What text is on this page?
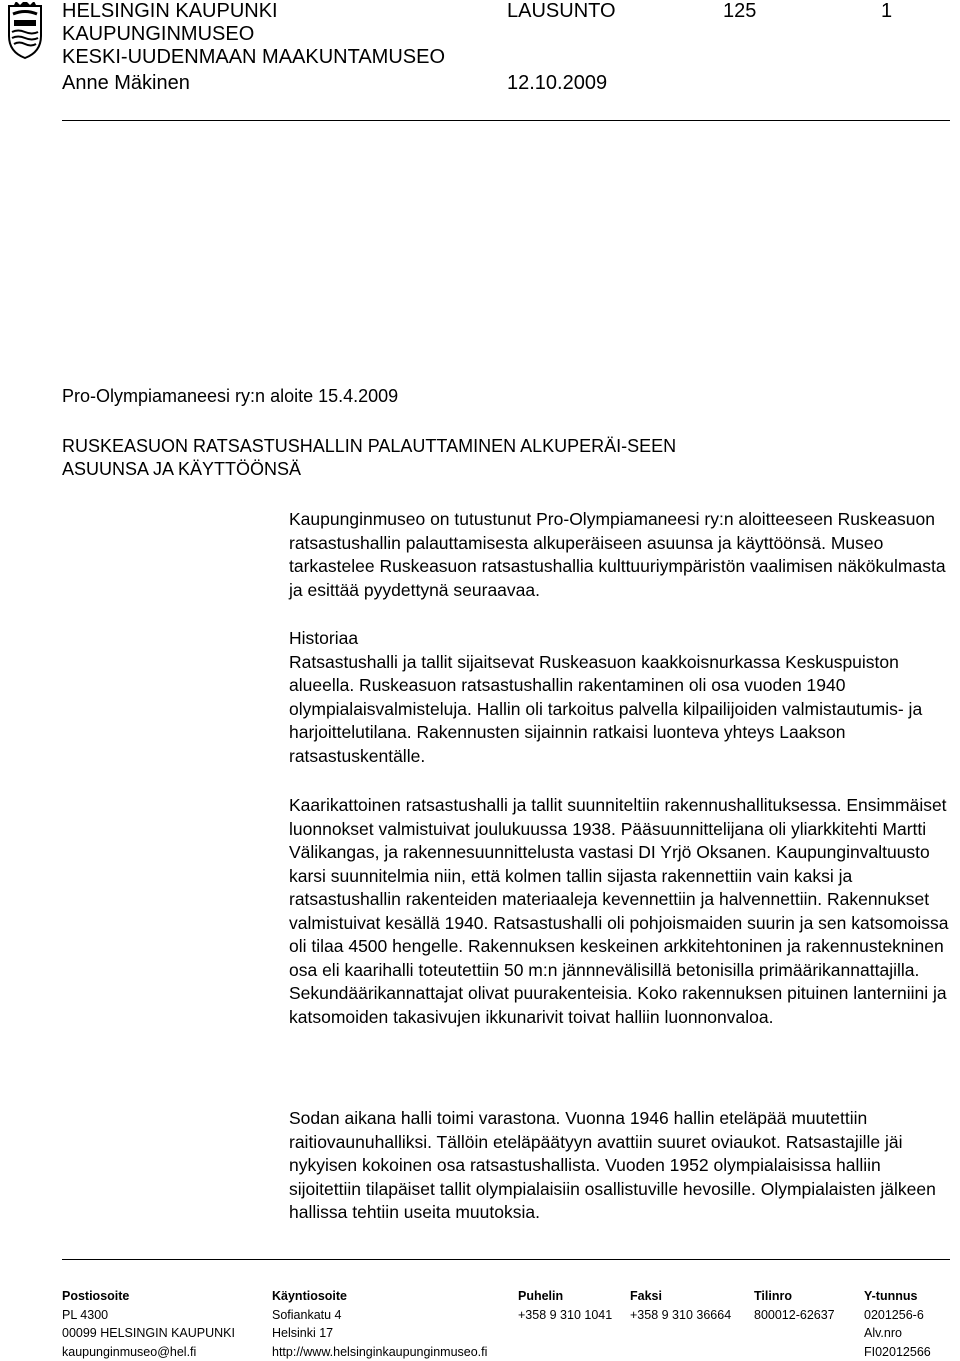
HELSINGIN KAUPUNKI
KAUPUNGINMUSEO
KESKI-UUDENMAAN MAAKUNTAMUSEO
Anne Mäkinen
LAUSUNTO	125	1
12.10.2009
Pro-Olympiamaneesi ry:n aloite 15.4.2009
RUSKEASUON RATSASTUSHALLIN PALAUTTAMINEN ALKUPERÄI-SEEN ASUUNSA JA KÄYTTÖÖNSÄ

Kaupunginmuseo on tutustunut Pro-Olympiamaneesi ry:n aloitteeseen Ruskeasuon ratsastushallin palauttamisesta alkuperäiseen asuunsa ja käyttöönsä. Museo tarkastelee Ruskeasuon ratsastushallia kulttuuriympäristön vaalimisen näkökulmasta ja esittää pyydettynä seuraavaa.

Historiaa

Ratsastushalli ja tallit sijaitsevat Ruskeasuon kaakkoisnurkassa Keskuspuiston alueella. Ruskeasuon ratsastushallin rakentaminen oli osa vuoden 1940 olympialaisvalmisteluja. Hallin oli tarkoitus palvella kilpailijoiden valmistautumis- ja harjoittelutilana. Rakennusten sijainnin ratkaisi luonteva yhteys Laakson ratsastuskentälle.

Kaarikattoinen ratsastushalli ja tallit suunniteltiin rakennushallituksessa. Ensimmäiset luonnokset valmistuivat joulukuussa 1938. Pääsuunnittelijana oli yliarkkitehti Martti Välikangas, ja rakennesuunnittelusta vastasi DI Yrjö Oksanen. Kaupunginvaltuusto karsi suunnitelmia niin, että kolmen tallin sijasta rakennettiin vain kaksi ja ratsastushallin rakenteiden materiaaleja kevennettiin ja halvennettiin. Rakennukset valmistuivat kesällä 1940. Ratsastushalli oli pohjoismaiden suurin ja sen katsomoissa oli tilaa 4500 hengelle. Rakennuksen keskeinen arkkitehtoninen ja rakennustekninen osa eli kaarihalli toteutettiin 50 m:n jännnevälisillä betonisilla primäärikannattajilla. Sekundäärikannattajat olivat puurakenteisia. Koko rakennuksen pituinen lanterniini ja katsomoiden takasivujen ikkunarivit toivat halliin luonnonvaloa.

Sodan aikana halli toimi varastona. Vuonna 1946 hallin eteläpää muutettiin raitiovaunuhalliksi. Tällöin eteläpäätyyn avattiin suuret oviaukot. Ratsastajille jäi nykyisen kokoinen osa ratsastushallista. Vuoden 1952 olympialaisissa halliin sijoitettiin tilapäiset tallit olympialaisiin osallistuville hevosille. Olympialaisten jälkeen hallissa tehtiin useita muutoksia.

Postiosoite
PL 4300
00099 HELSINGIN KAUPUNKI
kaupunginmuseo@hel.fi
Käyntiosoite
Sofiankatu 4
Helsinki 17
http://www.helsinginkaupunginmuseo.fi
Puhelin
+358 9 310 1041
Faksi
+358 9 310 36664
Tilinro
800012-62637
Y-tunnus
0201256-6
Alv.nro
FI02012566
